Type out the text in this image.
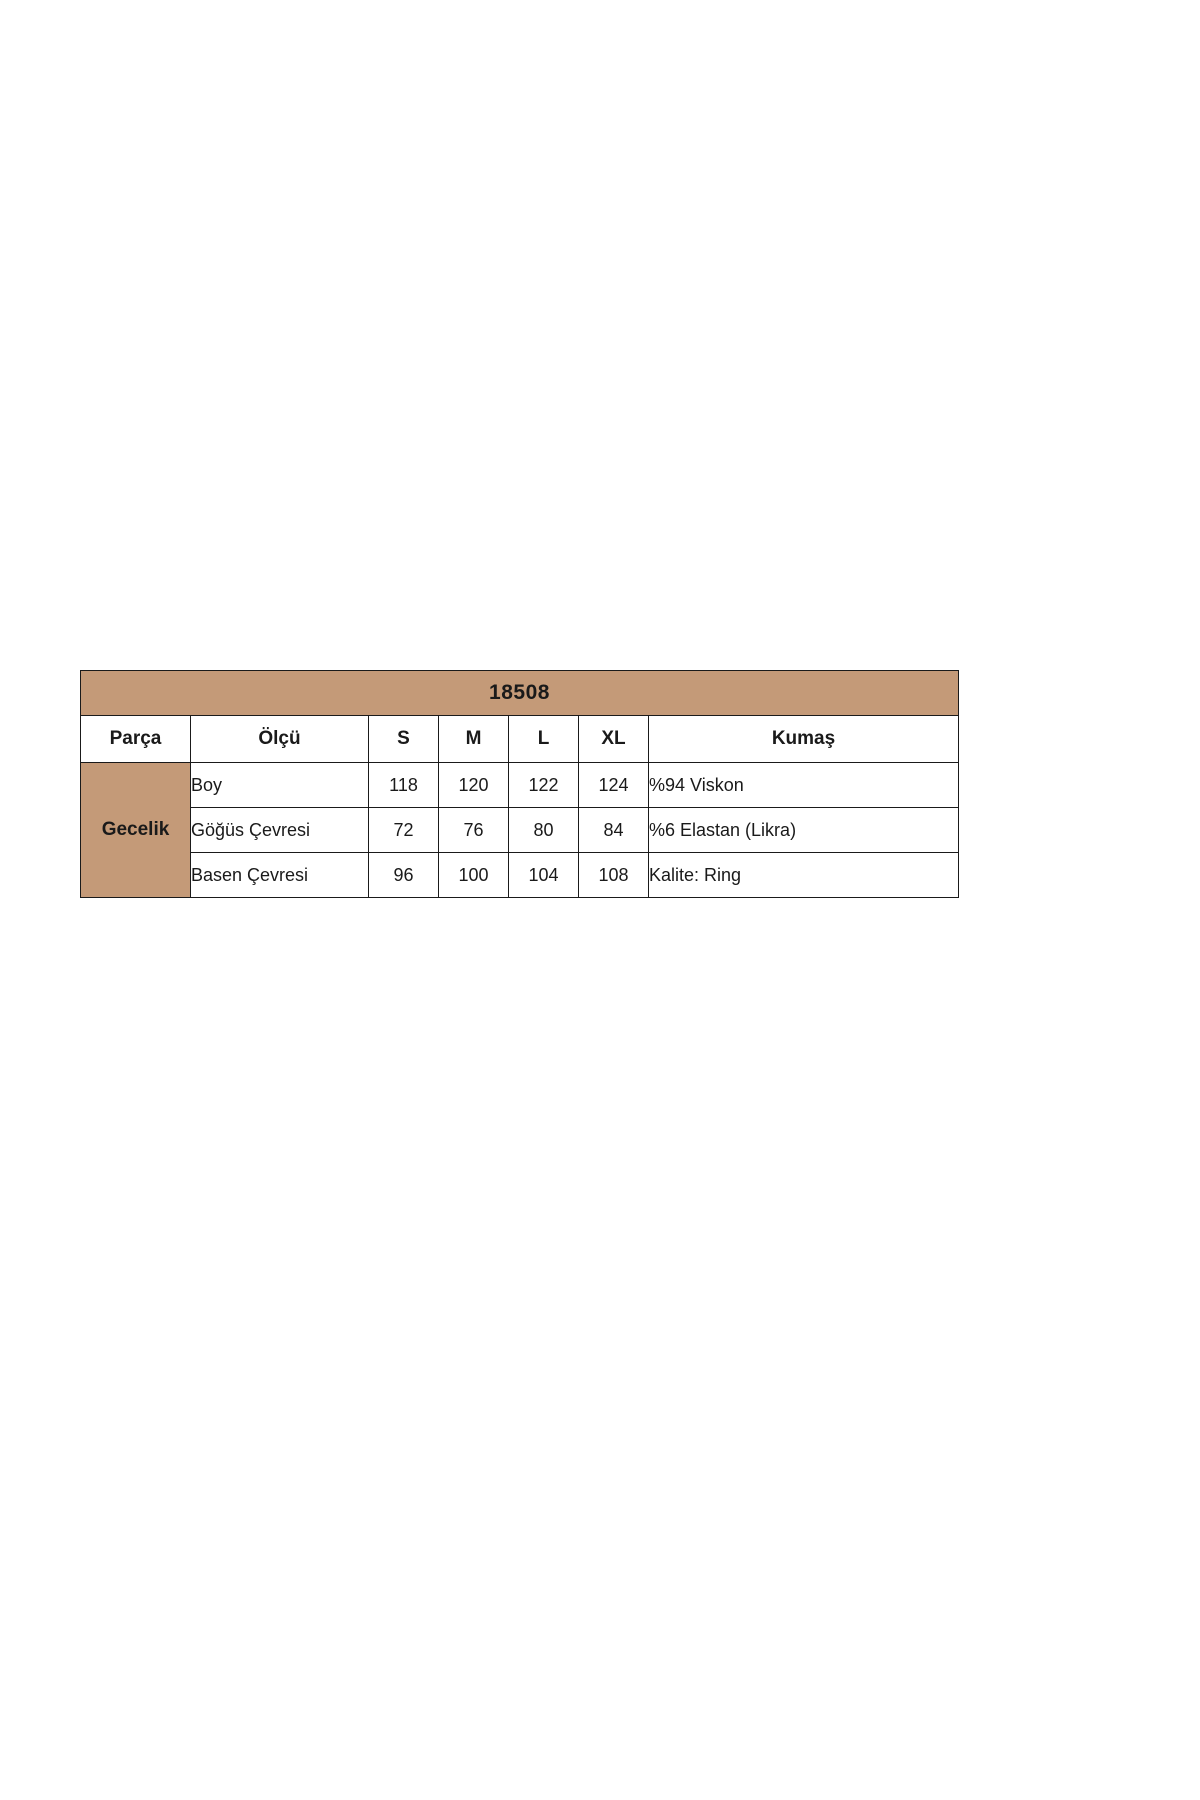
18508						
Parça	Ölçü	S	M	L	XL	Kumaş
Gecelik	Boy	118	120	122	124	%94 Viskon
	Göğüs Çevresi	72	76	80	84	%6 Elastan (Likra)
	Basen Çevresi	96	100	104	108	Kalite: Ring
